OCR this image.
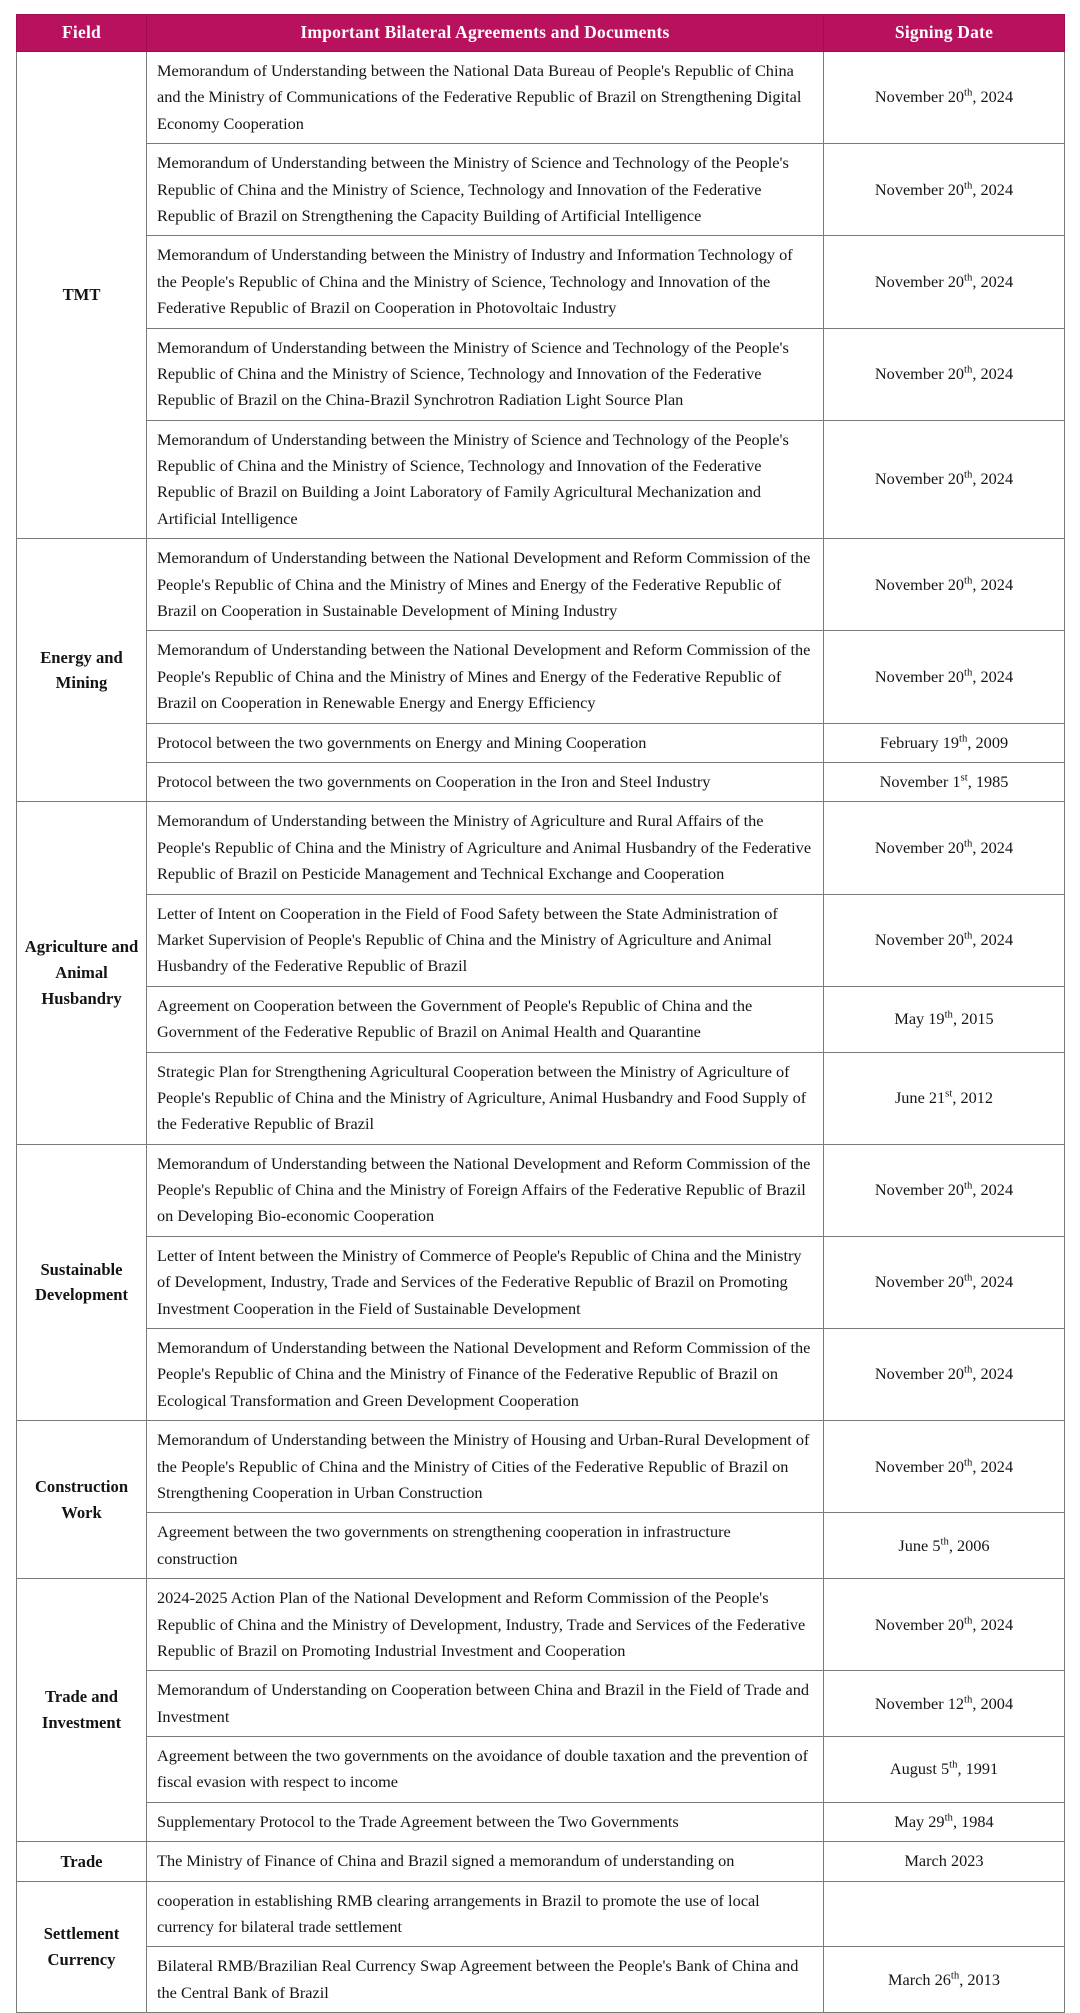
Field	Important Bilateral Agreements and Documents	Signing Date
TMT	Memorandum of Understanding between the National Data Bureau of People's Republic of China and the Ministry of Communications of the Federative Republic of Brazil on Strengthening Digital Economy Cooperation	November 20th, 2024
	Memorandum of Understanding between the Ministry of Science and Technology of the People's Republic of China and the Ministry of Science, Technology and Innovation of the Federative Republic of Brazil on Strengthening the Capacity Building of Artificial Intelligence	November 20th, 2024
	Memorandum of Understanding between the Ministry of Industry and Information Technology of the People's Republic of China and the Ministry of Science, Technology and Innovation of the Federative Republic of Brazil on Cooperation in Photovoltaic Industry	November 20th, 2024
	Memorandum of Understanding between the Ministry of Science and Technology of the People's Republic of China and the Ministry of Science, Technology and Innovation of the Federative Republic of Brazil on the China-Brazil Synchrotron Radiation Light Source Plan	November 20th, 2024
	Memorandum of Understanding between the Ministry of Science and Technology of the People's Republic of China and the Ministry of Science, Technology and Innovation of the Federative Republic of Brazil on Building a Joint Laboratory of Family Agricultural Mechanization and Artificial Intelligence	November 20th, 2024
Energy and Mining	Memorandum of Understanding between the National Development and Reform Commission of the People's Republic of China and the Ministry of Mines and Energy of the Federative Republic of Brazil on Cooperation in Sustainable Development of Mining Industry	November 20th, 2024
	Memorandum of Understanding between the National Development and Reform Commission of the People's Republic of China and the Ministry of Mines and Energy of the Federative Republic of Brazil on Cooperation in Renewable Energy and Energy Efficiency	November 20th, 2024
	Protocol between the two governments on Energy and Mining Cooperation	February 19th, 2009
	Protocol between the two governments on Cooperation in the Iron and Steel Industry	November 1st, 1985
Agriculture and Animal Husbandry	Memorandum of Understanding between the Ministry of Agriculture and Rural Affairs of the People's Republic of China and the Ministry of Agriculture and Animal Husbandry of the Federative Republic of Brazil on Pesticide Management and Technical Exchange and Cooperation	November 20th, 2024
	Letter of Intent on Cooperation in the Field of Food Safety between the State Administration of Market Supervision of People's Republic of China and the Ministry of Agriculture and Animal Husbandry of the Federative Republic of Brazil	November 20th, 2024
	Agreement on Cooperation between the Government of People's Republic of China and the Government of the Federative Republic of Brazil on Animal Health and Quarantine	May 19th, 2015
	Strategic Plan for Strengthening Agricultural Cooperation between the Ministry of Agriculture of People's Republic of China and the Ministry of Agriculture, Animal Husbandry and Food Supply of the Federative Republic of Brazil	June 21st, 2012
Sustainable Development	Memorandum of Understanding between the National Development and Reform Commission of the People's Republic of China and the Ministry of Foreign Affairs of the Federative Republic of Brazil on Developing Bio-economic Cooperation	November 20th, 2024
	Letter of Intent between the Ministry of Commerce of People's Republic of China and the Ministry of Development, Industry, Trade and Services of the Federative Republic of Brazil on Promoting Investment Cooperation in the Field of Sustainable Development	November 20th, 2024
	Memorandum of Understanding between the National Development and Reform Commission of the People's Republic of China and the Ministry of Finance of the Federative Republic of Brazil on Ecological Transformation and Green Development Cooperation	November 20th, 2024
Construction Work	Memorandum of Understanding between the Ministry of Housing and Urban-Rural Development of the People's Republic of China and the Ministry of Cities of the Federative Republic of Brazil on Strengthening Cooperation in Urban Construction	November 20th, 2024
	Agreement between the two governments on strengthening cooperation in infrastructure construction	June 5th, 2006
Trade and Investment	2024-2025 Action Plan of the National Development and Reform Commission of the People's Republic of China and the Ministry of Development, Industry, Trade and Services of the Federative Republic of Brazil on Promoting Industrial Investment and Cooperation	November 20th, 2024
	Memorandum of Understanding on Cooperation between China and Brazil in the Field of Trade and Investment	November 12th, 2004
	Agreement between the two governments on the avoidance of double taxation and the prevention of fiscal evasion with respect to income	August 5th, 1991
	Supplementary Protocol to the Trade Agreement between the Two Governments	May 29th, 1984
Trade	The Ministry of Finance of China and Brazil signed a memorandum of understanding on	March 2023
Settlement Currency	cooperation in establishing RMB clearing arrangements in Brazil to promote the use of local currency for bilateral trade settlement	
	Bilateral RMB/Brazilian Real Currency Swap Agreement between the People's Bank of China and the Central Bank of Brazil	March 26th, 2013
